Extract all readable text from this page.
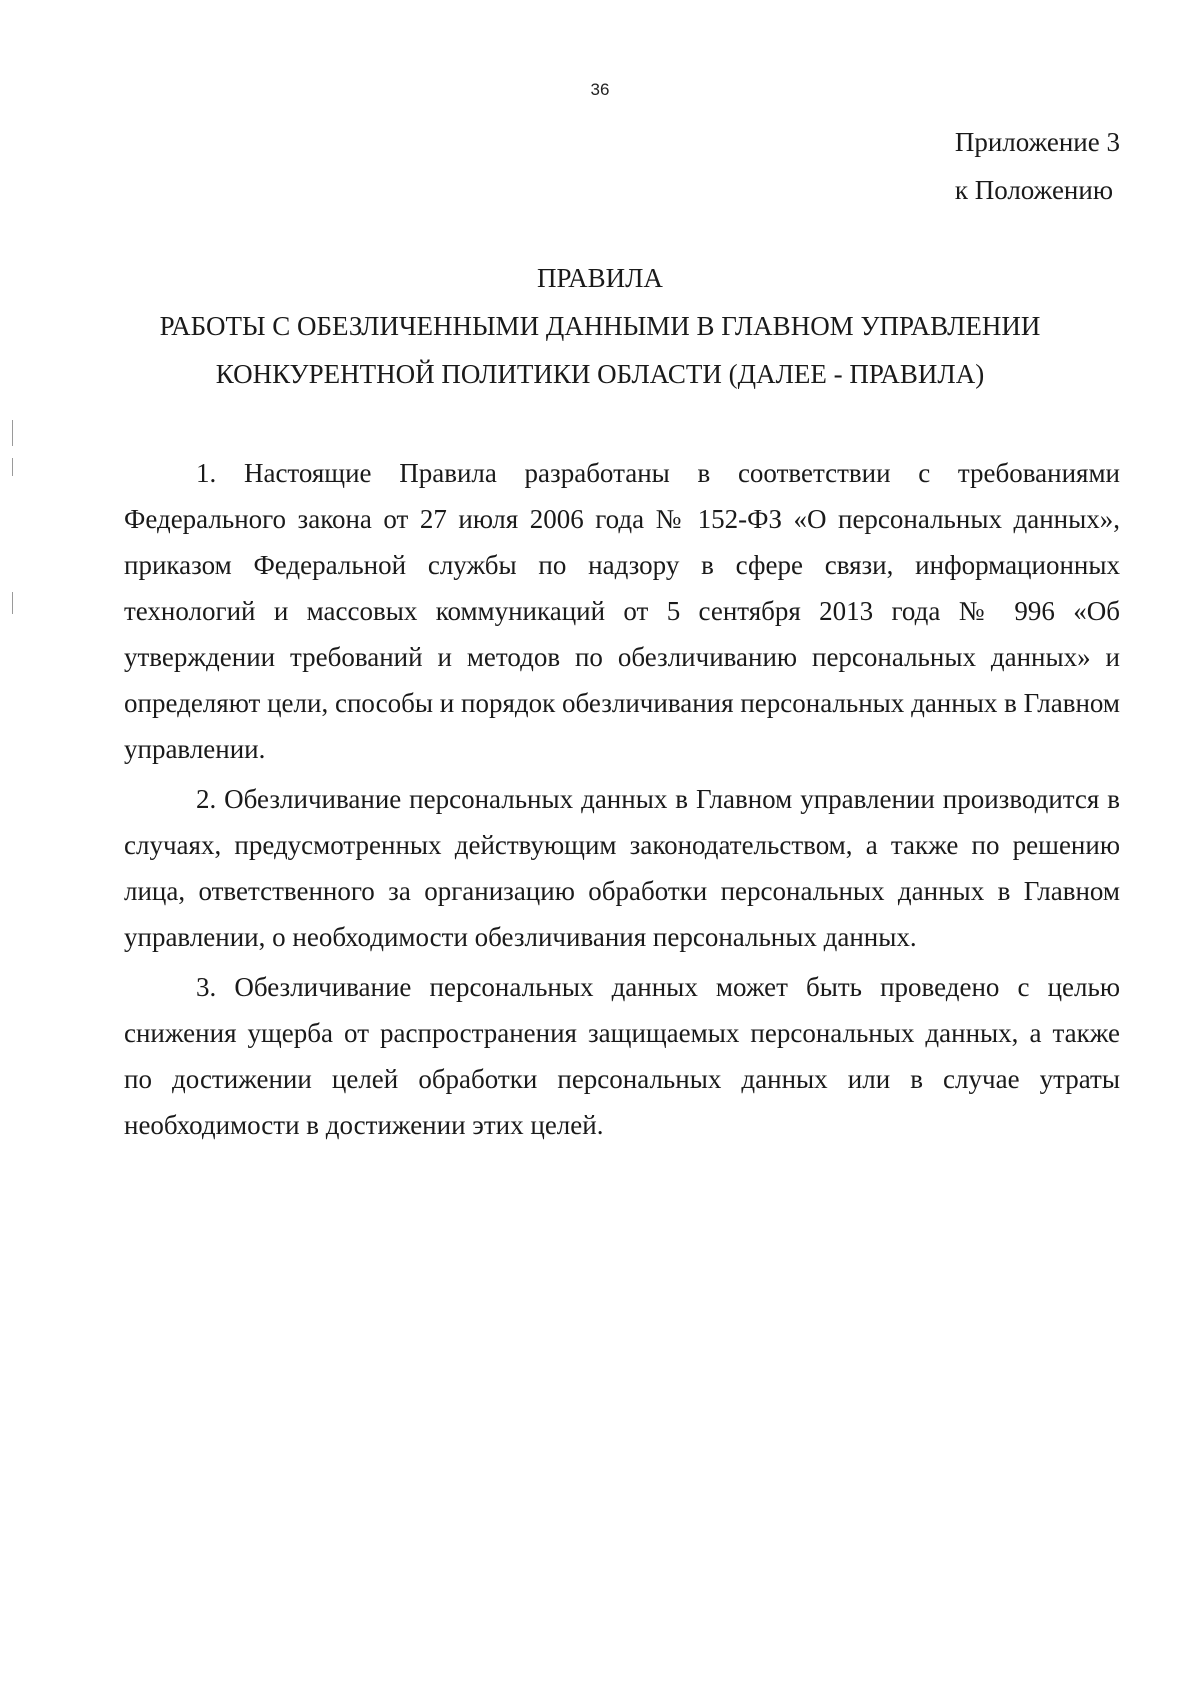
36
Приложение 3
к Положению
ПРАВИЛА
РАБОТЫ С ОБЕЗЛИЧЕННЫМИ ДАННЫМИ В ГЛАВНОМ УПРАВЛЕНИИ
КОНКУРЕНТНОЙ ПОЛИТИКИ ОБЛАСТИ (ДАЛЕЕ - ПРАВИЛА)

1. Настоящие Правила разработаны в соответствии с требованиями Федерального закона от 27 июля 2006 года № 152-ФЗ «О персональных данных», приказом Федеральной службы по надзору в сфере связи, информационных технологий и массовых коммуникаций от 5 сентября 2013 года № 996 «Об утверждении требований и методов по обезличиванию персональных данных» и определяют цели, способы и порядок обезличивания персональных данных в Главном управлении.

2. Обезличивание персональных данных в Главном управлении производится в случаях, предусмотренных действующим законодательством, а также по решению лица, ответственного за организацию обработки персональных данных в Главном управлении, о необходимости обезличивания персональных данных.

3. Обезличивание персональных данных может быть проведено с целью снижения ущерба от распространения защищаемых персональных данных, а также по достижении целей обработки персональных данных или в случае утраты необходимости в достижении этих целей.
